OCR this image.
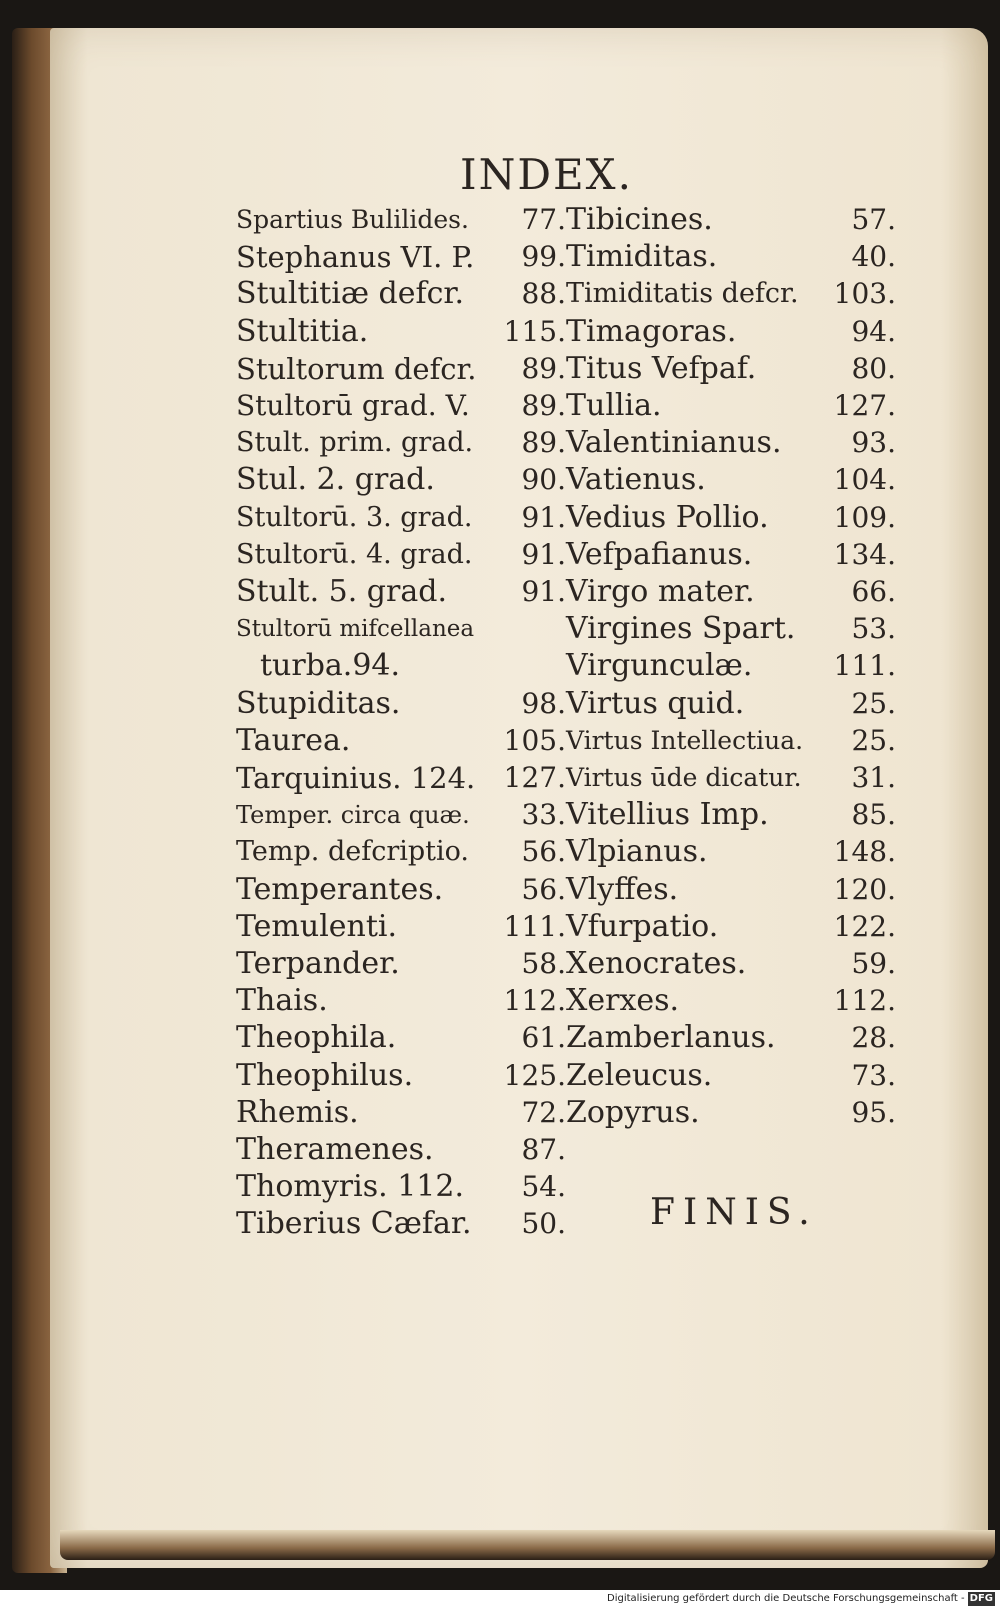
INDEX.
Spartius Bulilides.	77.
Stephanus VI. P.	99.
Stultitiæ defcr.	88.
Stultitia.	115.
Stultorum defcr.	89.
Stultorū grad. V.	89.
Stult. prim. grad.	89.
Stul. 2. grad.	90.
Stultorū. 3. grad.	91.
Stultorū. 4. grad.	91.
Stult. 5. grad.	91.
Stultorū mifcellanea
turba.94.
Stupiditas.	98.
Taurea.	105.
Tarquinius. 124.	127.
Temper. circa quæ.	33.
Temp. defcriptio.	56.
Temperantes.	56.
Temulenti.	111.
Terpander.	58.
Thais.	112.
Theophila.	61.
Theophilus.	125.
Rhemis.	72.
Theramenes.	87.
Thomyris. 112.	54.
Tiberius Cæfar.	50.
Tibicines.	57.
Timiditas.	40.
Timiditatis defcr.	103.
Timagoras.	94.
Titus Vefpaf.	80.
Tullia.	127.
Valentinianus.	93.
Vatienus.	104.
Vedius Pollio.	109.
Vefpafianus.	134.
Virgo mater.	66.
Virgines Spart.	53.
Virgunculæ.	111.
Virtus quid.	25.
Virtus Intellectiua.	25.
Virtus ūde dicatur.	31.
Vitellius Imp.	85.
Vlpianus.	148.
Vlyffes.	120.
Vfurpatio.	122.
Xenocrates.	59.
Xerxes.	112.
Zamberlanus.	28.
Zeleucus.	73.
Zopyrus.	95.
FINIS.
Digitalisierung gefördert durch die Deutsche Forschungsgemeinschaft - DFG
